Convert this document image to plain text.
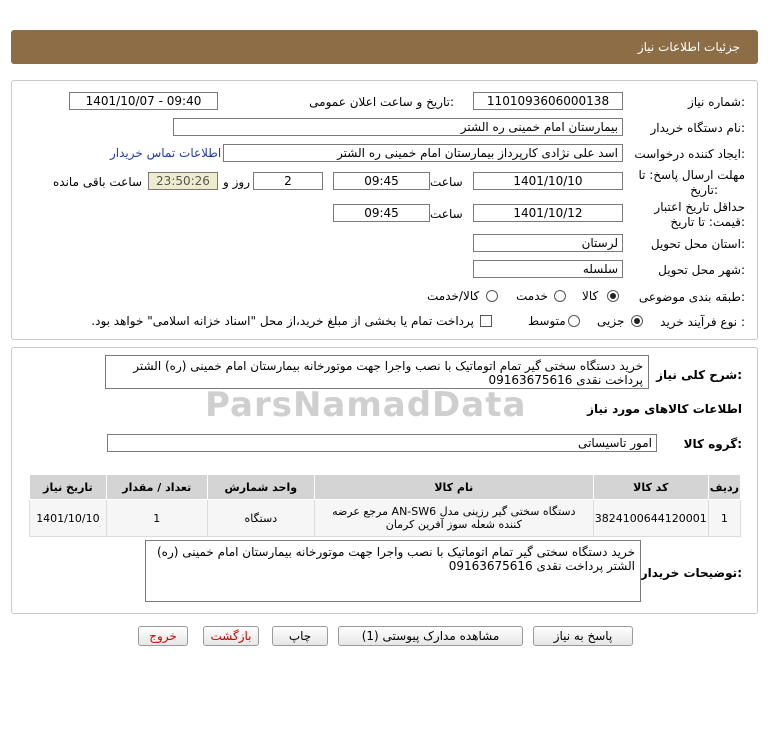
جزئیات اطلاعات نیاز
شماره نیاز:
1101093606000138
تاریخ و ساعت اعلان عمومی:
1401/10/07 - 09:40
نام دستگاه خریدار:
بیمارستان امام خمینی ره الشتر
ایجاد کننده درخواست:
اسد علی نژادی کارپرداز بیمارستان امام خمینی ره الشتر
اطلاعات تماس خریدار
مهلت ارسال پاسخ: تا
تاریخ:
1401/10/10
ساعت
09:45
2
روز و
23:50:26
ساعت باقی مانده
حداقل تاریخ اعتبار
قیمت: تا تاریخ:
1401/10/12
ساعت
09:45
استان محل تحویل:
لرستان
شهر محل تحویل:
سلسله
طبقه بندی موضوعی:
کالا
خدمت
کالا/خدمت
نوع فرآیند خرید :
جزیی
متوسط
پرداخت تمام یا بخشی از مبلغ خرید،از محل "اسناد خزانه اسلامی" خواهد بود.
ParsNamadData
شرح کلی نیاز:
خرید دستگاه سختی گیر تمام اتوماتیک با نصب واجرا جهت موتورخانه بیمارستان امام خمینی (ره) الشتر پرداخت نقدی 09163675616
اطلاعات کالاهای مورد نیاز
گروه کالا:
امور تاسیساتی
ردیف	کد کالا	نام کالا	واحد شمارش	تعداد / مقدار	تاریخ نیاز
1	3824100644120001	دستگاه سختی گیر رزینی مدل AN-SW6 مرجع عرضه کننده شعله سوز آفرین کرمان	دستگاه	1	1401/10/10
توضیحات خریدار:
خرید دستگاه سختی گیر تمام اتوماتیک با نصب واجرا جهت موتورخانه بیمارستان امام خمینی (ره) الشتر پرداخت نقدی 09163675616
پاسخ به نیاز
مشاهده مدارک پیوستی (1)
چاپ
بازگشت
خروج
